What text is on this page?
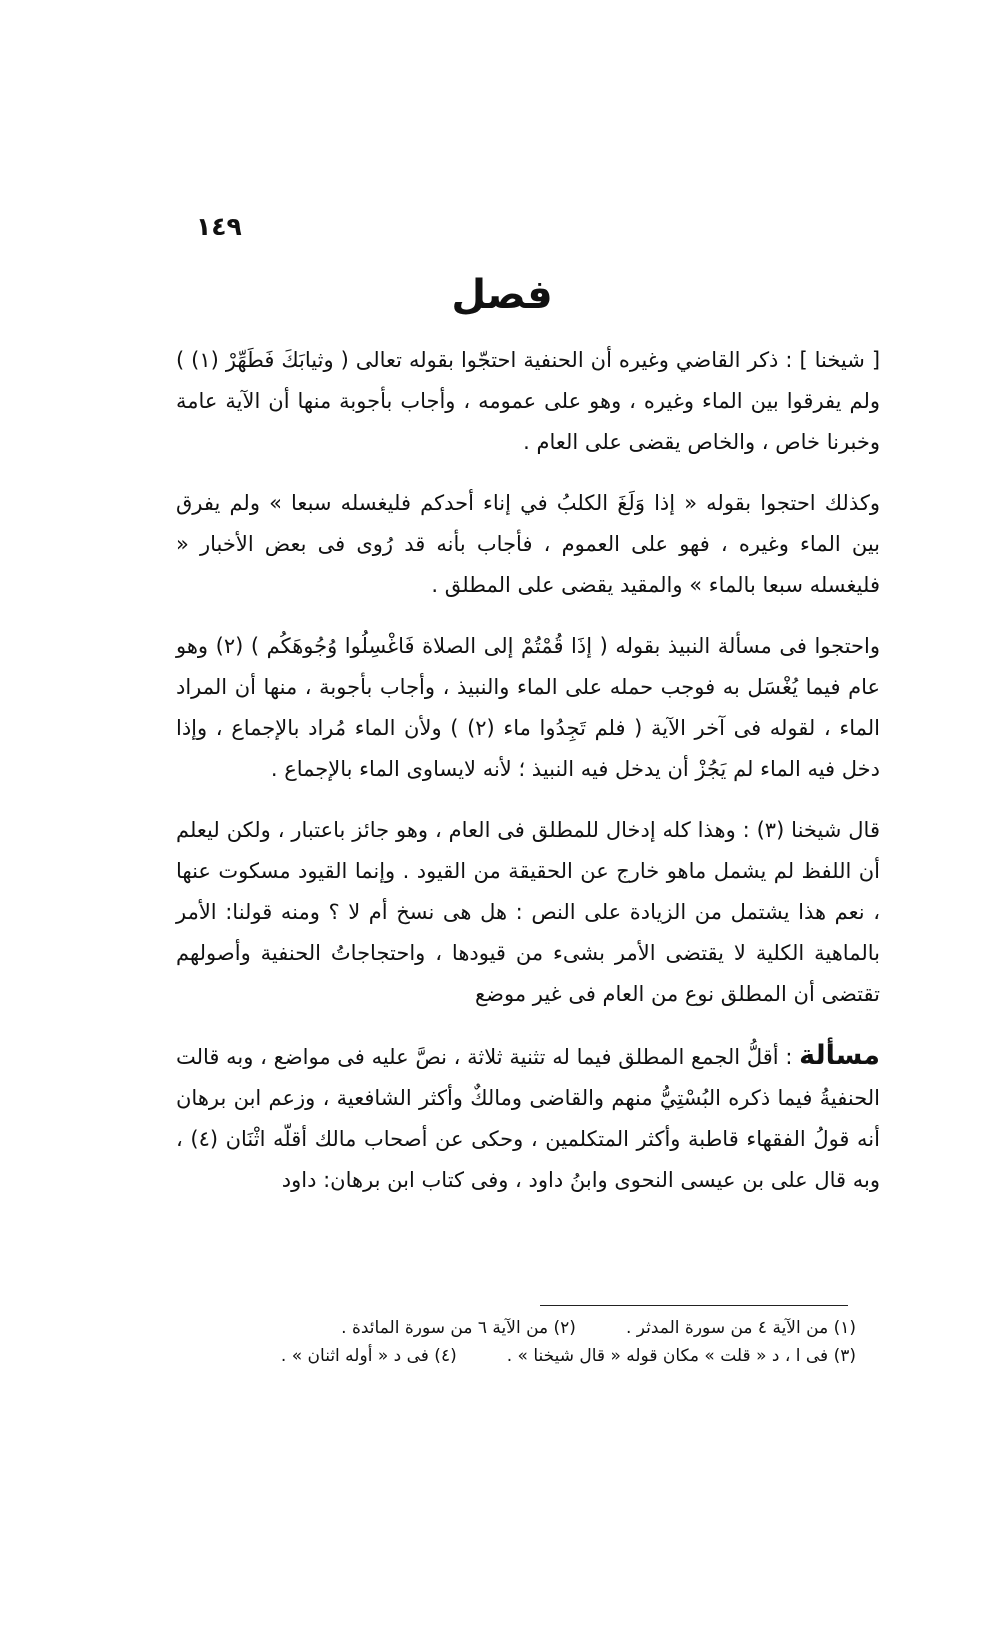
١٤٩
فصل

[ شيخنا ] : ذكر القاضي وغيره أن الحنفية احتجّوا بقوله تعالى ( وثيابَكَ فَطَهِّرْ (١) ) ولم يفرقوا بين الماء وغيره ، وهو على عمومه ، وأجاب بأجوبة منها أن الآية عامة وخبرنا خاص ، والخاص يقضى على العام .

وكذلك احتجوا بقوله « إذا وَلَغَ الكلبُ في إناء أحدكم فليغسله سبعا » ولم يفرق بين الماء وغيره ، فهو على العموم ، فأجاب بأنه قد رُوى فى بعض الأخبار « فليغسله سبعا بالماء » والمقيد يقضى على المطلق .

واحتجوا فى مسألة النبيذ بقوله ( إذَا قُمْتُمْ إلى الصلاة فَاغْسِلُوا وُجُوهَكُم ) (٢) وهو عام فيما يُغْسَل به فوجب حمله على الماء والنبيذ ، وأجاب بأجوبة ، منها أن المراد الماء ، لقوله فى آخر الآية ( فلم تَجِدُوا ماء (٢) ) ولأن الماء مُراد بالإجماع ، وإذا دخل فيه الماء لم يَجُزْ أن يدخل فيه النبيذ ؛ لأنه لايساوى الماء بالإجماع .

قال شيخنا (٣) : وهذا كله إدخال للمطلق فى العام ، وهو جائز باعتبار ، ولكن ليعلم أن اللفظ لم يشمل ماهو خارج عن الحقيقة من القيود . وإنما القيود مسكوت عنها ، نعم هذا يشتمل من الزيادة على النص : هل هى نسخ أم لا ؟ ومنه قولنا: الأمر بالماهية الكلية لا يقتضى الأمر بشىء من قيودها ، واحتجاجاتُ الحنفية وأصولهم تقتضى أن المطلق نوع من العام فى غير موضع

مسألة : أقلُّ الجمع المطلق فيما له تثنية ثلاثة ، نصَّ عليه فى مواضع ، وبه قالت الحنفيةُ فيما ذكره البُسْتِيُّ منهم والقاضى ومالكٌ وأكثر الشافعية ، وزعم ابن برهان أنه قولُ الفقهاء قاطبة وأكثر المتكلمين ، وحكى عن أصحاب مالك أقلّه اثْنَان (٤) ، وبه قال على بن عيسى النحوى وابنُ داود ، وفى كتاب ابن برهان: داود

(١) من الآية ٤ من سورة المدثر .
(٢) من الآية ٦ من سورة المائدة .
(٣) فى ا ، د « قلت » مكان قوله « قال شيخنا » .
(٤) فى د « أوله اثنان » .
